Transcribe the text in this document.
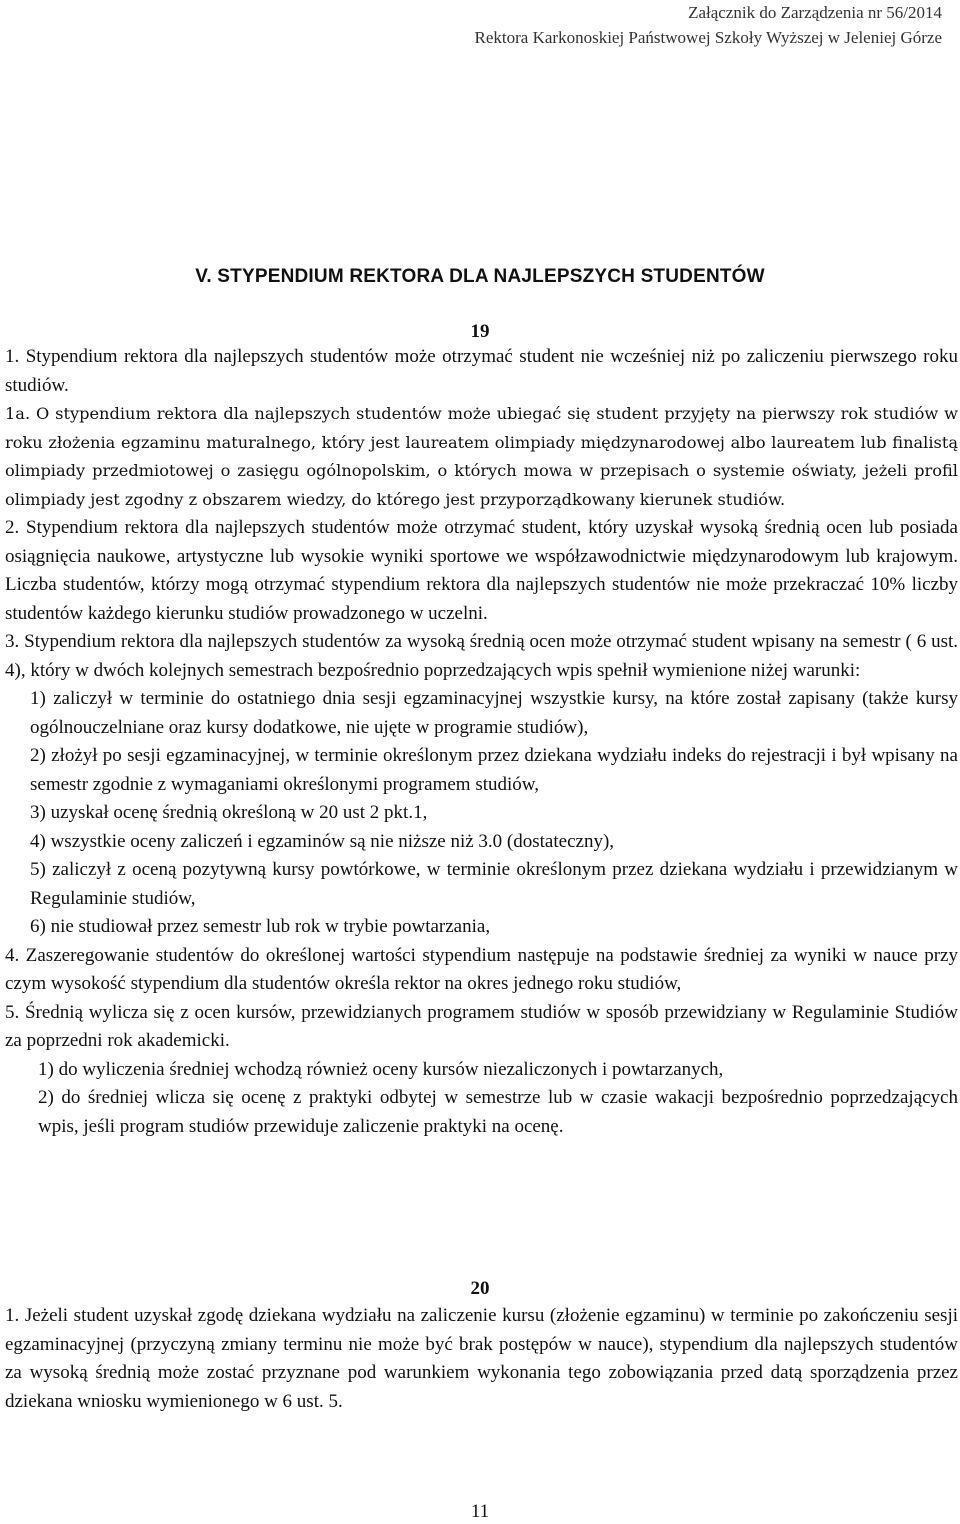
Załącznik do Zarządzenia nr 56/2014
Rektora Karkonoskiej Państwowej Szkoły Wyższej w Jeleniej Górze
V. STYPENDIUM REKTORA DLA NAJLEPSZYCH STUDENTÓW
19

1. Stypendium rektora dla najlepszych studentów może otrzymać student nie wcześniej niż po zaliczeniu pierwszego roku studiów.

1a. O stypendium rektora dla najlepszych studentów może ubiegać się student przyjęty na pierwszy rok studiów w roku złożenia egzaminu maturalnego, który jest laureatem olimpiady międzynarodowej albo laureatem lub finalistą olimpiady przedmiotowej o zasięgu ogólnopolskim, o których mowa w przepisach o systemie oświaty, jeżeli profil olimpiady jest zgodny z obszarem wiedzy, do którego jest przyporządkowany kierunek studiów.

2. Stypendium rektora dla najlepszych studentów może otrzymać student, który uzyskał wysoką średnią ocen lub posiada osiągnięcia naukowe, artystyczne lub wysokie wyniki sportowe we współzawodnictwie międzynarodowym lub krajowym. Liczba studentów, którzy mogą otrzymać stypendium rektora dla najlepszych studentów nie może przekraczać 10% liczby studentów każdego kierunku studiów prowadzonego w uczelni.

3. Stypendium rektora dla najlepszych studentów za wysoką średnią ocen może otrzymać student wpisany na semestr ( 6 ust. 4), który w dwóch kolejnych semestrach bezpośrednio poprzedzających wpis spełnił wymienione niżej warunki:

1) zaliczył w terminie do ostatniego dnia sesji egzaminacyjnej wszystkie kursy, na które został zapisany (także kursy ogólnouczelniane oraz kursy dodatkowe, nie ujęte w programie studiów),

2) złożył po sesji egzaminacyjnej, w terminie określonym przez dziekana wydziału indeks do rejestracji i był wpisany na semestr zgodnie z wymaganiami określonymi programem studiów,

3) uzyskał ocenę średnią określoną w 20 ust 2 pkt.1,

4) wszystkie oceny zaliczeń i egzaminów są nie niższe niż 3.0 (dostateczny),

5) zaliczył z oceną pozytywną kursy powtórkowe, w terminie określonym przez dziekana wydziału i przewidzianym w Regulaminie studiów,

6) nie studiował przez semestr lub rok w trybie powtarzania,

4. Zaszeregowanie studentów do określonej wartości stypendium następuje na podstawie średniej za wyniki w nauce przy czym wysokość stypendium dla studentów określa rektor na okres jednego roku studiów,

5. Średnią wylicza się z ocen kursów, przewidzianych programem studiów w sposób przewidziany w Regulaminie Studiów za poprzedni rok akademicki.

1) do wyliczenia średniej wchodzą również oceny kursów niezaliczonych i powtarzanych,

2) do średniej wlicza się ocenę z praktyki odbytej w semestrze lub w czasie wakacji bezpośrednio poprzedzających wpis, jeśli program studiów przewiduje zaliczenie praktyki na ocenę.

20

1. Jeżeli student uzyskał zgodę dziekana wydziału na zaliczenie kursu (złożenie egzaminu) w terminie po zakończeniu sesji egzaminacyjnej (przyczyną zmiany terminu nie może być brak postępów w nauce), stypendium dla najlepszych studentów za wysoką średnią może zostać przyznane pod warunkiem wykonania tego zobowiązania przed datą sporządzenia przez dziekana wniosku wymienionego w 6 ust. 5.

11
